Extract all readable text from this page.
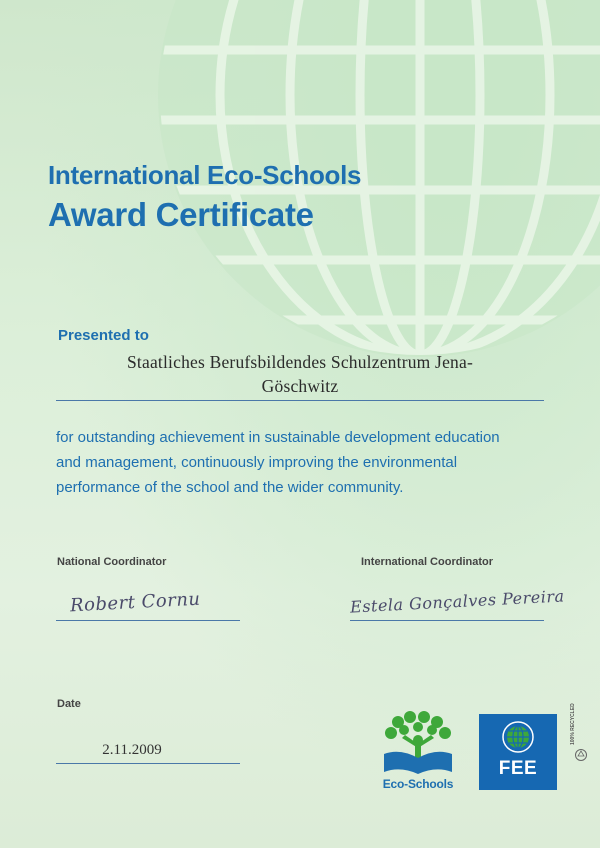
International Eco-Schools
Award Certificate
Presented to
Staatliches Berufsbildendes Schulzentrum Jena-
Göschwitz
for outstanding achievement in sustainable development education
and management, continuously improving the environmental
performance of the school and the wider community.
National Coordinator
Robert Cornu
International Coordinator
Estela Gonçalves Pereira
Date
2.11.2009
Eco-Schools
FEE
100% RECYCLED
